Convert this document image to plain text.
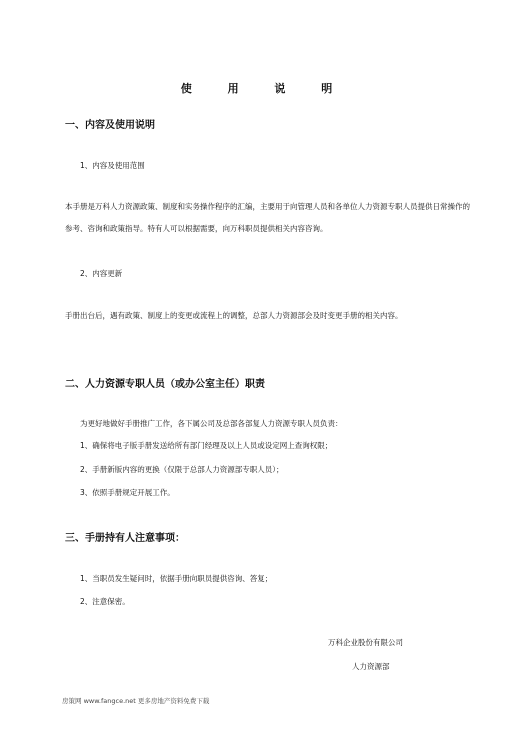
使 用 说 明

一、内容及使用说明

1、内容及使用范围

本手册是万科人力资源政策、制度和实务操作程序的汇编，主要用于向管理人员和各单位人力资源专职人员提供日常操作的参考、咨询和政策指导。特有人可以根据需要，向万科职员提供相关内容咨询。

2、内容更新

手册出台后，遇有政策、制度上的变更或流程上的调整，总部人力资源部会及时变更手册的相关内容。

二、人力资源专职人员（或办公室主任）职责

为更好地做好手册推广工作，各下属公司及总部各部复人力资源专职人员负责：

1、确保将电子版手册发送给所有部门经理及以上人员或设定网上查询权限；

2、手册新版内容的更换（仅限于总部人力资源部专职人员）；

3、依照手册规定开展工作。

三、手册持有人注意事项：

1、当职员发生疑问时，依据手册向职员提供咨询、答复；

2、注意保密。

万科企业股份有限公司

人力资源部

房策网 www.fangce.net 更多房地产资料免费下载
